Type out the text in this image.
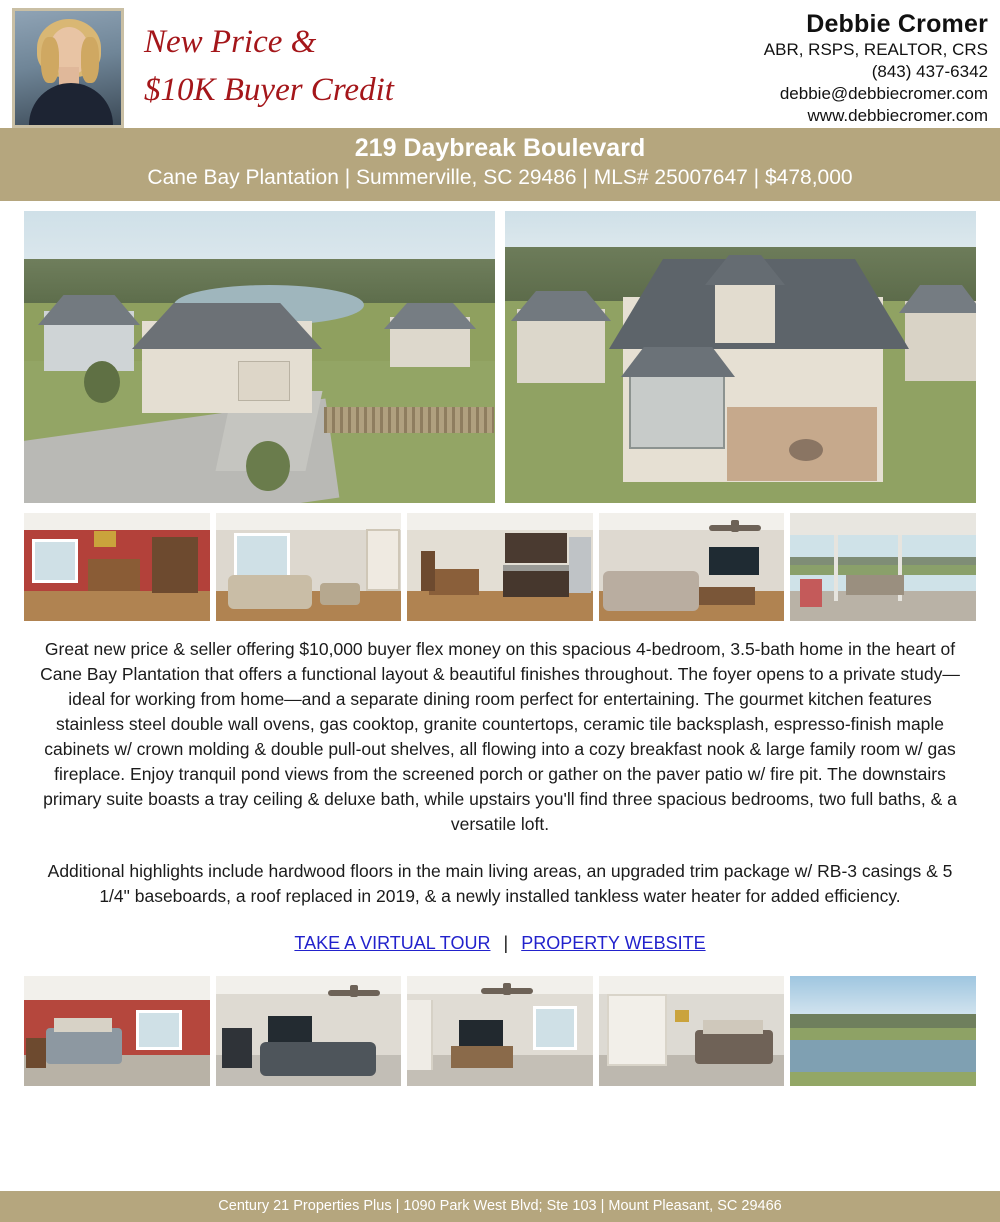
New Price &
$10K Buyer Credit
Debbie Cromer
ABR, RSPS, REALTOR, CRS
(843) 437-6342
debbie@debbiecromer.com
www.debbiecromer.com
219 Daybreak Boulevard
Cane Bay Plantation | Summerville, SC 29486 | MLS# 25007647 | $478,000

Great new price & seller offering $10,000 buyer flex money on this spacious 4-bedroom, 3.5-bath home in the heart of Cane Bay Plantation that offers a functional layout & beautiful finishes throughout. The foyer opens to a private study—ideal for working from home—and a separate dining room perfect for entertaining. The gourmet kitchen features stainless steel double wall ovens, gas cooktop, granite countertops, ceramic tile backsplash, espresso-finish maple cabinets w/ crown molding & double pull-out shelves, all flowing into a cozy breakfast nook & large family room w/ gas fireplace. Enjoy tranquil pond views from the screened porch or gather on the paver patio w/ fire pit. The downstairs primary suite boasts a tray ceiling & deluxe bath, while upstairs you'll find three spacious bedrooms, two full baths, & a versatile loft.

Additional highlights include hardwood floors in the main living areas, an upgraded trim package w/ RB-3 casings & 5 1/4" baseboards, a roof replaced in 2019, & a newly installed tankless water heater for added efficiency.

TAKE A VIRTUAL TOUR | PROPERTY WEBSITE
Century 21 Properties Plus | 1090 Park West Blvd; Ste 103 | Mount Pleasant, SC 29466
